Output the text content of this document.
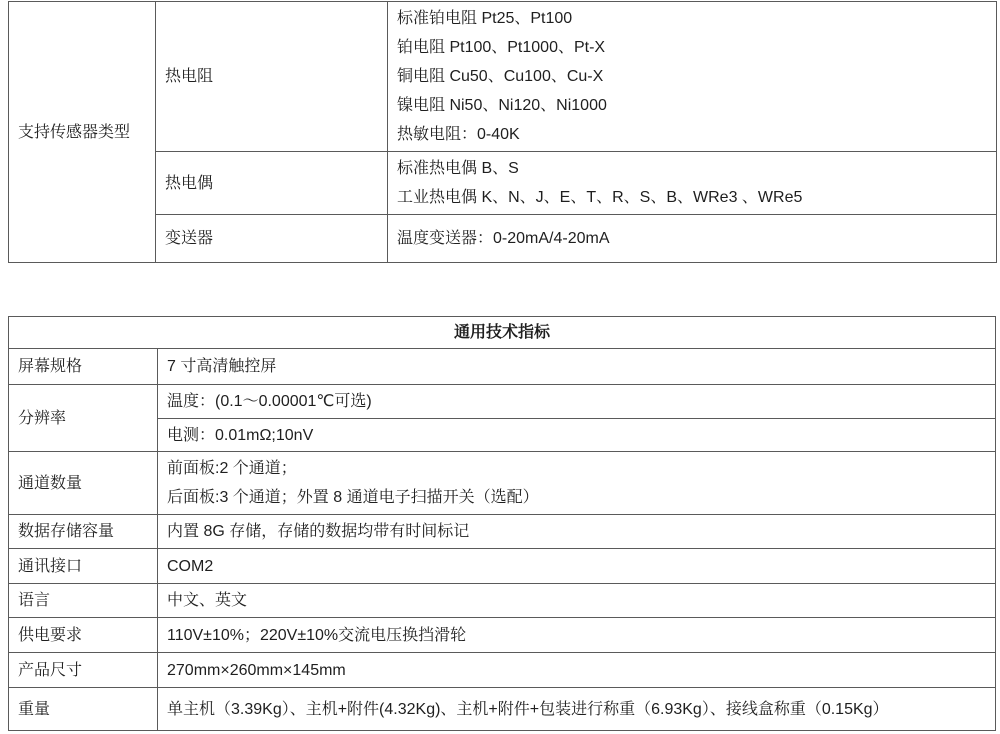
支持传感器类型	热电阻	标准铂电阻 Pt25、Pt100
铂电阻 Pt100、Pt1000、Pt-X
铜电阻 Cu50、Cu100、Cu-X
镍电阻 Ni50、Ni120、Ni1000
热敏电阻：0-40K

	热电偶	标准热电偶 B、S
工业热电偶 K、N、J、E、T、R、S、B、WRe3 、WRe5

	变送器	温度变送器：0-20mA/4-20mA
通用技术指标	
屏幕规格	7 寸高清触控屏
分辨率	温度：(0.1～0.00001℃可选)
	电测：0.01mΩ;10nV
通道数量	前面板:2 个通道；
后面板:3 个通道；外置 8 通道电子扫描开关（选配）

数据存储容量	内置 8G 存储，存储的数据均带有时间标记
通讯接口	COM2
语言	中文、英文
供电要求	110V±10%；220V±10%交流电压换挡滑轮
产品尺寸	270mm×260mm×145mm
重量	单主机（3.39Kg）、主机+附件(4.32Kg)、主机+附件+包装进行称重（6.93Kg）、接线盒称重（0.15Kg）
